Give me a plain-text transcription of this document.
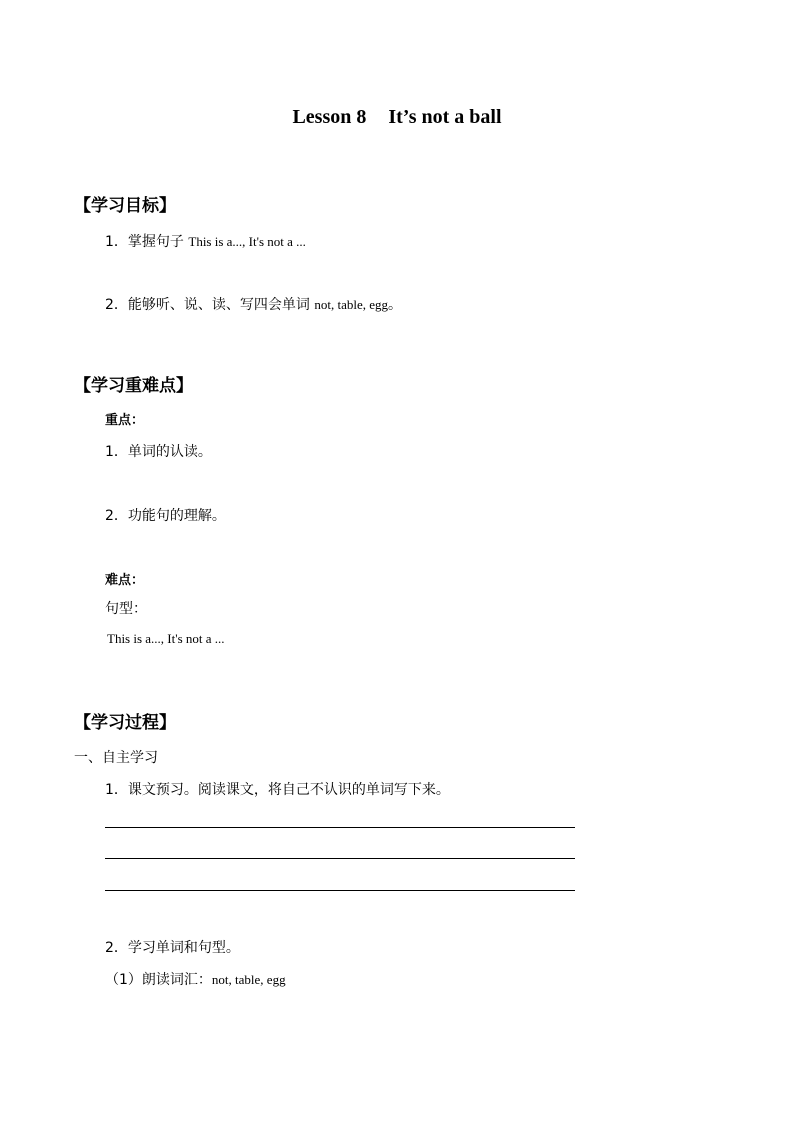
Lesson 8 It’s not a ball
【学习目标】
1．掌握句子 This is a..., It's not a ...
2．能够听、说、读、写四会单词 not, table, egg。
【学习重难点】
重点：
1．单词的认读。
2．功能句的理解。
难点：
句型：
This is a..., It's not a ...
【学习过程】
一、自主学习
1．课文预习。阅读课文，将自己不认识的单词写下来。
2．学习单词和句型。
（1）朗读词汇：not, table, egg
